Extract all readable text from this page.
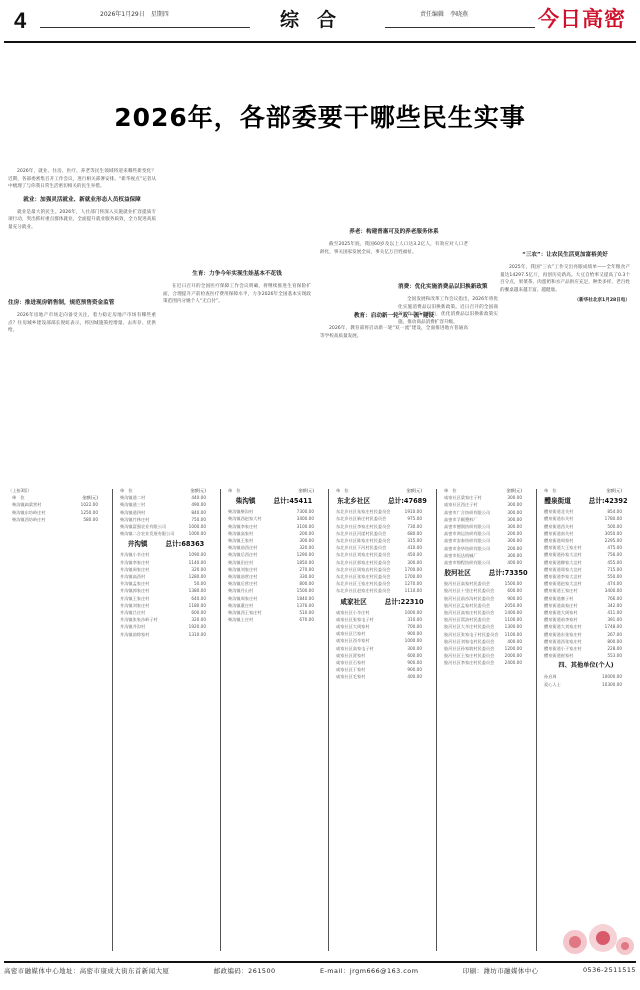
4	2026年1月29日　星期四	综合	责任编辑　李晓燕	今日高密
2026年，各部委要干哪些民生实事

2026年，就业、住房、医疗、养老等民生领域将迎来哪些新变化？近期，各部委密集召开工作会议，进行相关部署安排。“新华视点”记者从中梳理了与你我日常生活密切相关的民生举措。

就业：加强灵活就业、新就业形态人员权益保障

就业是最大的民生。2026年，人社部门将深入实施就业扩容提质专项行动，突出抓好重点群体就业，全面提升就业服务质效，全力促进高质量充分就业。

住房：推进现房销售制，规范预售资金监管

2026年房地产市场走向备受关注，着力稳定房地产市场有哪些重点？住房城乡建设部部长倪虹表示，将因城施策控增量、去库存、优供给。

生育：力争今年实现生娃基本不花钱

在近日召开的全国医疗保障工作会议明确，将继续推进生育保险扩面，合理提升产前检查医疗费用保障水平，力争2026年全国基本实现政策范围内分娩个人“无自付”。

养老：构建普惠可及的养老服务体系

截至2025年底，我国60岁及以上人口达3.2亿人，有效应对人口老龄化，事关国家发展全局，事关亿万百姓福祉。

教育：启动新一轮“双一流”建设

2026年，教育部将启动新一轮“双一流”建设，全面推进地方普通高等学校高质量发展。

消费：优化实施消费品以旧换新政策

全国发展和改革工作会议指出，2026年将优化实施消费品以旧换新政策。近日召开的全国商务工作会议也提出，优化消费品以旧换新政策实施，推动商品消费扩容升级。

“三农”：让农民生活更加富裕美好

2025年，我国“三农”工作交出亮眼成绩单——全年粮食产量达14297.5亿斤，再创历史新高。大豆自给率又提高了0.3个百分点，果菜茶、肉蛋奶和水产品供应充足，种类多样，老百姓的餐桌越来越丰富、越健康。

（新华社北京1月28日电）
（上接3版）
单　位	金额(元)
柴沟镇扁梁营村	1022.00
柴沟镇东坊岭庄村	1250.00
柴沟镇西坊岭庄村	580.00
单　位	金额(元)
柴沟镇道二村	440.00
柴沟镇道三村	490.00
柴沟镇道四村	840.00
柴沟镇竹林庄村	750.00
柴沟镇富强农业有限公司	1000.00
柴沟镇二合农业发展有限公司	1000.00
井沟镇	总计:68363
井沟镇小辛庄村	1090.00
井沟镇李家庄村	1140.00
井沟镇周家庄村	320.00
井沟镇高西村	1280.00
井沟镇孟家庄村	50.00
井沟镇郭家庄村	1380.00
井沟镇王家庄村	640.00
井沟镇刘家庄村	1180.00
井沟镇吕庄村	600.00
井沟镇张家沙岭子村	320.00
井沟镇井沟村	1920.00
井沟镇前徐家村	1310.00
单　位	金额(元)
柴沟镇	总计:45411
柴沟镇柴沟村	7300.00
柴沟镇西赵家大村	3400.00
柴沟镇李家庄村	3100.00
柴沟镇高家村	200.00
柴沟镇王家村	300.00
柴沟镇前西庄村	320.00
柴沟镇后西庄村	1290.00
柴沟镇田庄村	1850.00
柴沟镇刘家庄村	270.00
柴沟镇前营庄村	330.00
柴沟镇后营庄村	800.00
柴沟镇丹山村	1500.00
柴沟镇周家庄村	1840.00
柴沟镇董庄村	1376.00
柴沟镇西王家庄村	510.00
柴沟镇土庄村	670.00
单　位	金额(元)
东北乡社区	总计:47689
东北乡社区朱家庄村民委员会	1910.00
东北乡社区新庄村民委员会	975.00
东北乡社区李家庄村民委员会	730.00
东北乡社区河崖村民委员会	680.00
东北乡社区陈家庄村民委员会	315.00
东北乡社区下河村民委员会	410.00
东北乡社区刘家庄村民委员会	450.00
东北乡社区郭家庄村民委员会	300.00
东北乡社区周家店村民委员会	1700.00
东北乡社区张家庄村民委员会	1700.00
东北乡社区王家庄村民委员会	1270.00
东北乡社区赵家庄村民委员会	1110.00
咸家社区	总计:22310
咸家社区小辛庄村	1000.00
咸家社区张家屯子村	310.00
咸家社区大周家村	700.00
咸家社区吕家村	900.00
咸家社区西辛家村	1000.00
咸家社区高家屯子村	300.00
咸家社区贾家村	600.00
咸家社区石家村	900.00
咸家社区于家村	900.00
咸家社区毛家村	400.00
单　位	金额(元)
咸家社区梁家庄子村	300.00
咸家社区西庄子村	300.00
高密市广合纺织有限公司	300.00
高密市孚顺塑料厂	300.00
高密市德润纺织有限公司	300.00
高密市鸿运纺织有限公司	200.00
高密市安泰纺织有限公司	300.00
高密市金华纺织有限公司	200.00
高密市恒达机械厂	300.00
高密市锦程纺织有限公司	400.00
胶河社区	总计:73350
胶河社区高家村民委员会	1500.00
胶河社区十里庄村民委员会	600.00
胶河社区前沙沟村民委员会	900.00
胶河社区孟家村民委员会	2050.00
胶河社区高家庄村民委员会 1400.00
胶河社区窝洛村民委员会	1100.00
胶河社区大辛庄村民委员会 1300.00
胶河社区张家屯子村民委员会 1100.00
胶河社区刘家屯村民委员会	400.00
胶河社区孙家坡村民委员会 1200.00
胶河社区王家庄村民委员会 2000.00
胶河社区李家庄村民委员会 2400.00
单　位	金额(元)
醴泉街道	总计:42392
醴泉街道北关村	854.00
醴泉街道东关村	1780.00
醴泉街道西关村	500.00
醴泉街道南关村	3050.00
醴泉街道周家村	2295.00
醴泉街道大王家庄村	475.00
醴泉街道孙家大洼村	756.00
醴泉街道柳家大洼村	455.00
醴泉街道郑家大洼村	715.00
醴泉街道李家大洼村	550.00
醴泉街道赵家大洼村	474.00
醴泉街道王家庄村	3400.00
醴泉街道寨子村	766.00
醴泉街道高家庄村	342.00
醴泉街道大周家村	411.00
醴泉街道前李家村	391.00
醴泉街道大刘家庄村	1748.00
醴泉街道东张家庄村	267.00
醴泉街道西张家庄村	800.00
醴泉街道小于家庄村	228.00
醴泉街道崔家村	553.00
四、其他单位(个人)
孙启周	10000.00
爱心人士	10300.00
高密市融媒体中心地址：高密市康成大街东首新闻大厦	邮政编码：261500	E-mail：jrgm666@163.com	印刷：潍坊市融媒体中心	0536-2511515
